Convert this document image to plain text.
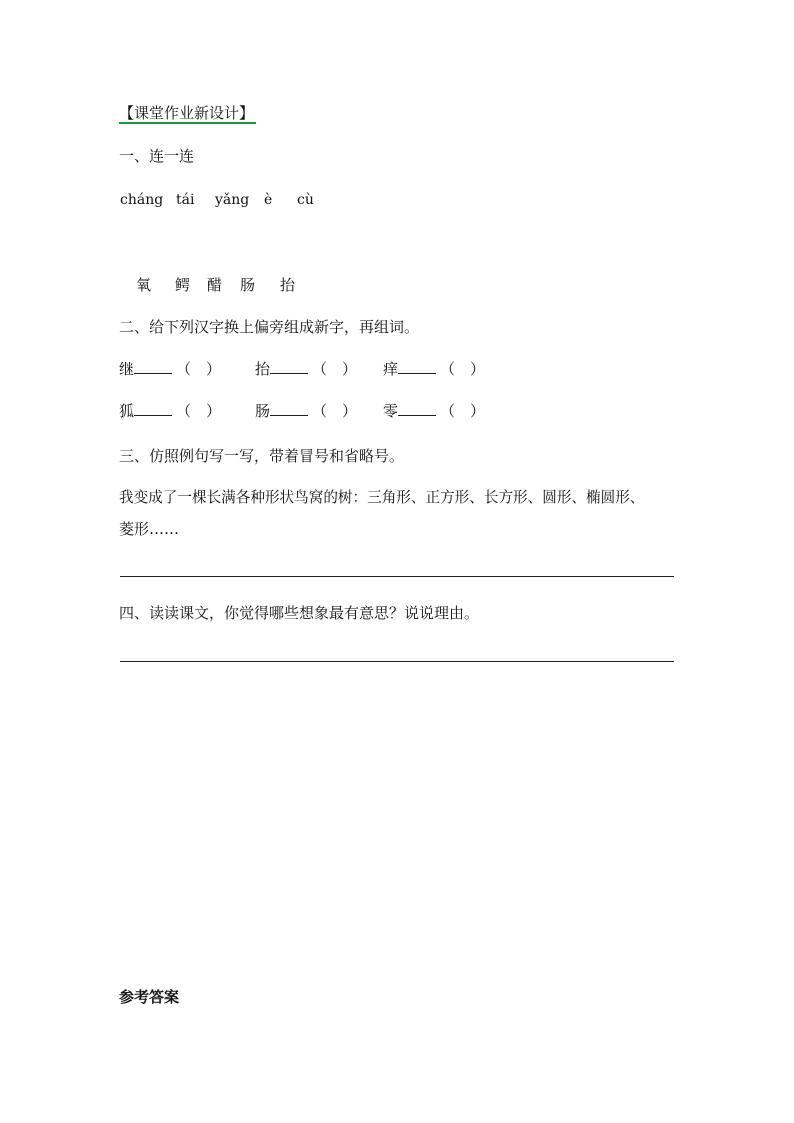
【课堂作业新设计】
一、连一连
cháng tái yǎng è cù
氧 鳄 醋 肠 抬
二、给下列汉字换上偏旁组成新字，再组词。
继	（　） 抬	（　） 痒	（　）
狐	（　） 肠	（　） 零	（　）
三、仿照例句写一写，带着冒号和省略号。
我变成了一棵长满各种形状鸟窝的树：三角形、正方形、长方形、圆形、椭圆形、
菱形……
四、读读课文，你觉得哪些想象最有意思？说说理由。
参考答案
